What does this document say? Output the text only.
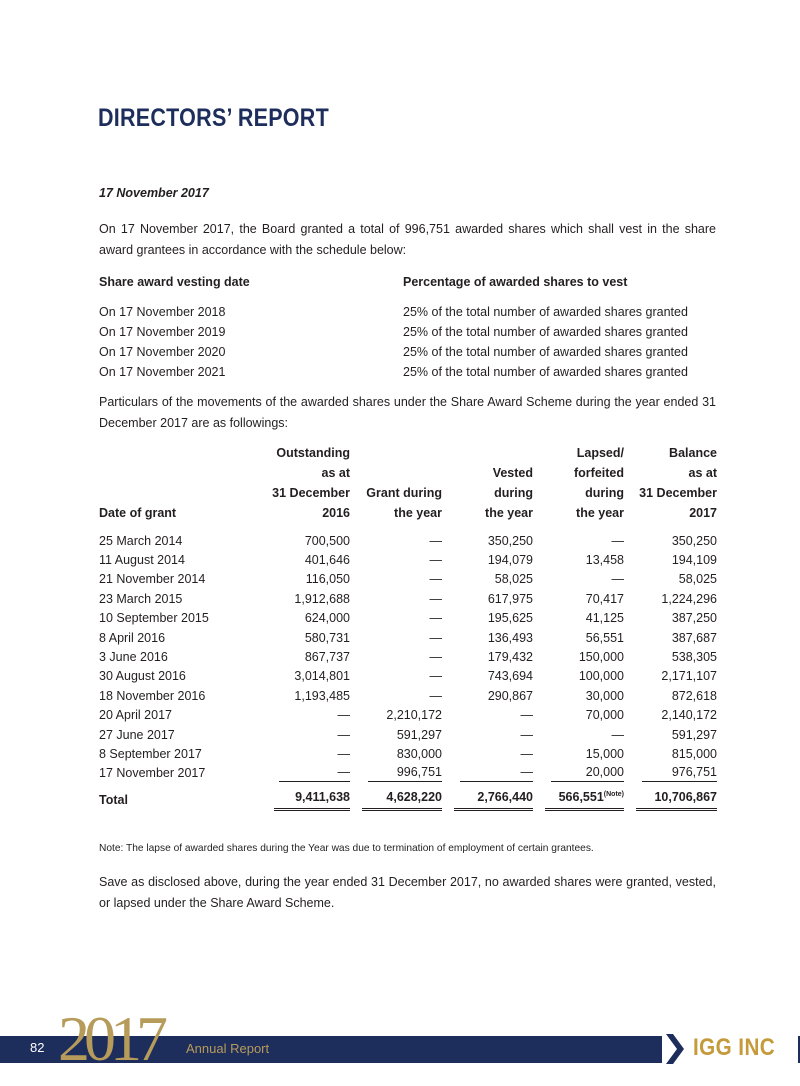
DIRECTORS’ REPORT
17 November 2017

On 17 November 2017, the Board granted a total of 996,751 awarded shares which shall vest in the share award grantees in accordance with the schedule below:

Share award vesting date	Percentage of awarded shares to vest
On 17 November 2018	25% of the total number of awarded shares granted
On 17 November 2019	25% of the total number of awarded shares granted
On 17 November 2020	25% of the total number of awarded shares granted
On 17 November 2021	25% of the total number of awarded shares granted

Particulars of the movements of the awarded shares under the Share Award Scheme during the year ended 31 December 2017 are as followings:

	Outstanding			Lapsed/	Balance
	as at		Vested	forfeited	as at
	31 December	Grant during	during	during	31 December
Date of grant	2016	the year	the year	the year	2017

25 March 2014	700,500	—	350,250	—	350,250
11 August 2014	401,646	—	194,079	13,458	194,109
21 November 2014	116,050	—	58,025	—	58,025
23 March 2015	1,912,688	—	617,975	70,417	1,224,296
10 September 2015	624,000	—	195,625	41,125	387,250
8 April 2016	580,731	—	136,493	56,551	387,687
3 June 2016	867,737	—	179,432	150,000	538,305
30 August 2016	3,014,801	—	743,694	100,000	2,171,107
18 November 2016	1,193,485	—	290,867	30,000	872,618
20 April 2017	—	2,210,172	—	70,000	2,140,172
27 June 2017	—	591,297	—	—	591,297
8 September 2017	—	830,000	—	15,000	815,000
17 November 2017	—	996,751	—	20,000	976,751

Total	9,411,638	4,628,220	2,766,440	566,551$^{(Note)}$	10,706,867
Note: The lapse of awarded shares during the Year was due to termination of employment of certain grantees.

Save as disclosed above, during the year ended 31 December 2017, no awarded shares were granted, vested, or lapsed under the Share Award Scheme.

82 2017	Annual Report	IGG INC
